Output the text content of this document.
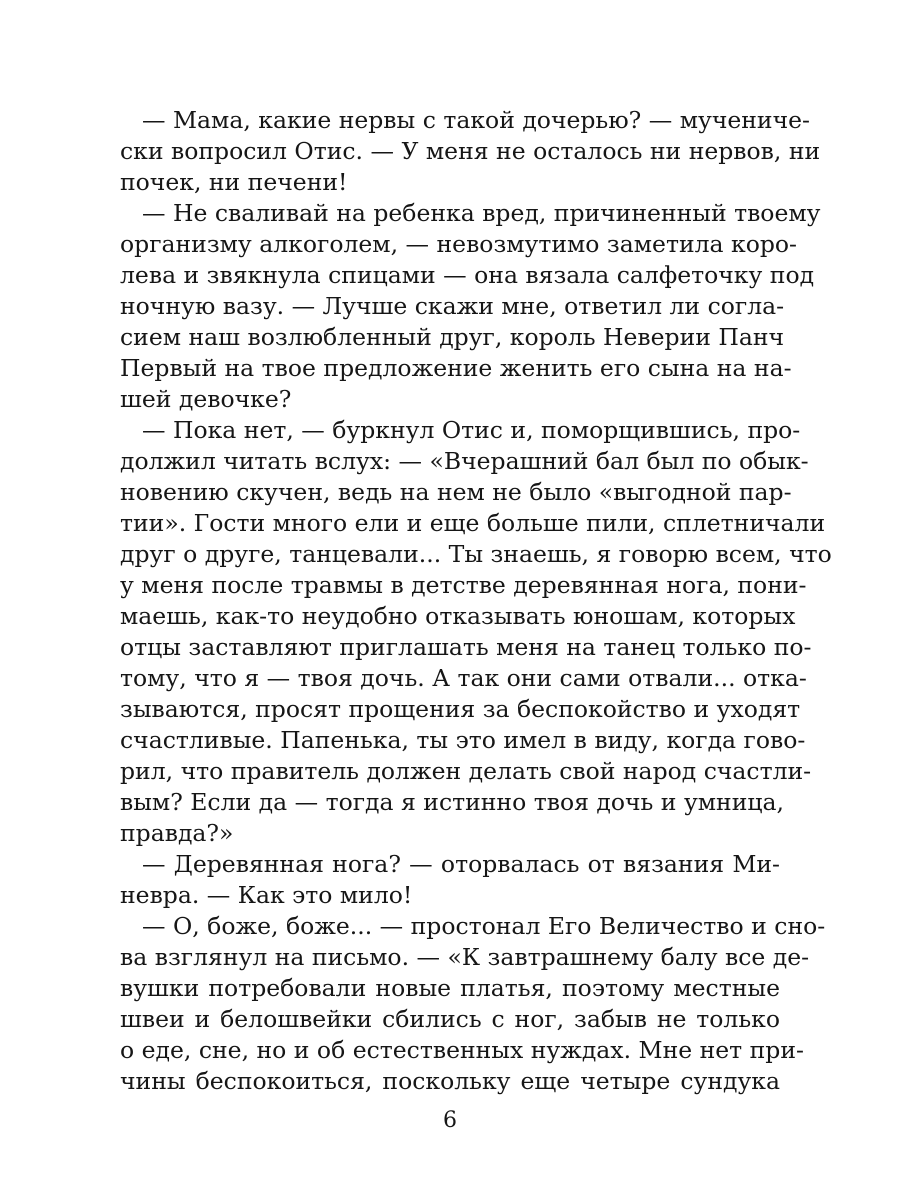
— Мама, какие нервы с такой дочерью? — мучениче-
ски вопросил Отис. — У меня не осталось ни нервов, ни
почек, ни печени!
— Не сваливай на ребенка вред, причиненный твоему
организму алкоголем, — невозмутимо заметила коро-
лева и звякнула спицами — она вязала салфеточку под
ночную вазу. — Лучше скажи мне, ответил ли согла-
сием наш возлюбленный друг, король Неверии Панч
Первый на твое предложение женить его сына на на-
шей девочке?
— Пока нет, — буркнул Отис и, поморщившись, про-
должил читать вслух: — «Вчерашний бал был по обык-
новению скучен, ведь на нем не было «выгодной пар-
тии». Гости много ели и еще больше пили, сплетничали
друг о друге, танцевали... Ты знаешь, я говорю всем, что
у меня после травмы в детстве деревянная нога, пони-
маешь, как-то неудобно отказывать юношам, которых
отцы заставляют приглашать меня на танец только по-
тому, что я — твоя дочь. А так они сами отвали... отка-
зываются, просят прощения за беспокойство и уходят
счастливые. Папенька, ты это имел в виду, когда гово-
рил, что правитель должен делать свой народ счастли-
вым? Если да — тогда я истинно твоя дочь и умница,
правда?»
— Деревянная нога? — оторвалась от вязания Ми-
невра. — Как это мило!
— О, боже, боже... — простонал Его Величество и сно-
ва взглянул на письмо. — «К завтрашнему балу все де-
вушки потребовали новые платья, поэтому местные
швеи и белошвейки сбились с ног, забыв не только
о еде, сне, но и об естественных нуждах. Мне нет при-
чины беспокоиться, поскольку еще четыре сундука
6
